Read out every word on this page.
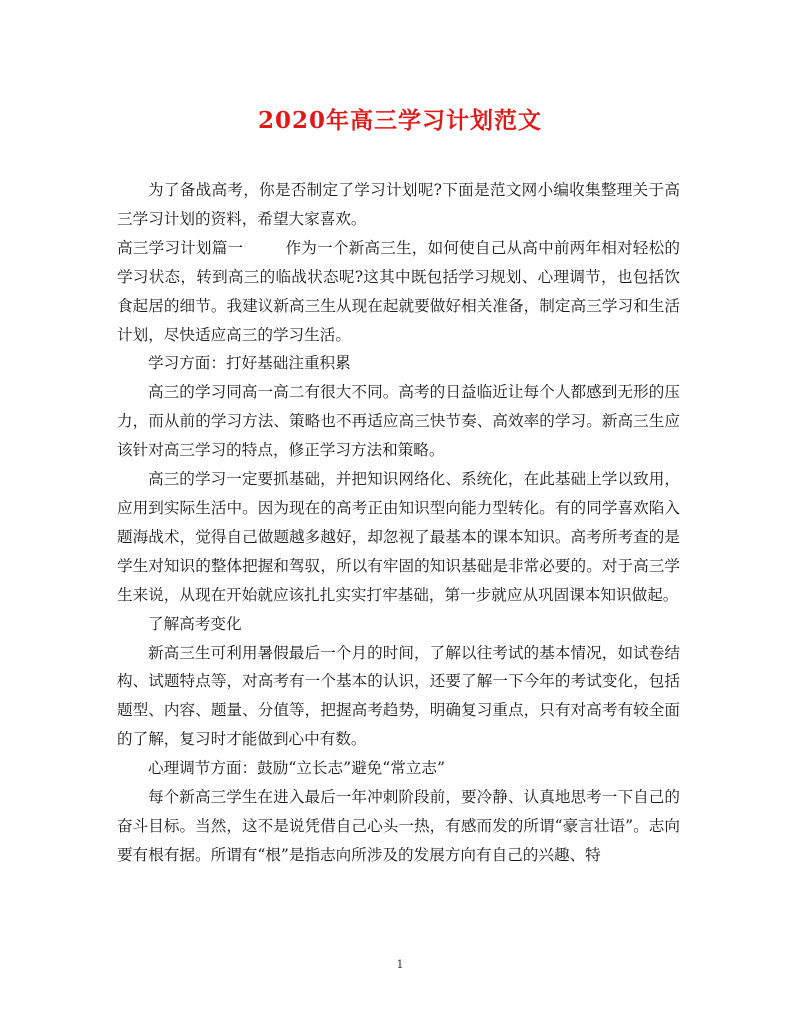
2020年高三学习计划范文

为了备战高考，你是否制定了学习计划呢?下面是范文网小编收集整理关于高三学习计划的资料，希望大家喜欢。

高三学习计划篇一	作为一个新高三生，如何使自己从高中前两年相对轻松的学习状态，转到高三的临战状态呢?这其中既包括学习规划、心理调节，也包括饮食起居的细节。我建议新高三生从现在起就要做好相关准备，制定高三学习和生活计划，尽快适应高三的学习生活。

学习方面：打好基础注重积累

高三的学习同高一高二有很大不同。高考的日益临近让每个人都感到无形的压力，而从前的学习方法、策略也不再适应高三快节奏、高效率的学习。新高三生应该针对高三学习的特点，修正学习方法和策略。

高三的学习一定要抓基础，并把知识网络化、系统化，在此基础上学以致用，应用到实际生活中。因为现在的高考正由知识型向能力型转化。有的同学喜欢陷入题海战术，觉得自己做题越多越好，却忽视了最基本的课本知识。高考所考查的是学生对知识的整体把握和驾驭，所以有牢固的知识基础是非常必要的。对于高三学生来说，从现在开始就应该扎扎实实打牢基础，第一步就应从巩固课本知识做起。

了解高考变化

新高三生可利用暑假最后一个月的时间，了解以往考试的基本情况，如试卷结构、试题特点等，对高考有一个基本的认识，还要了解一下今年的考试变化，包括题型、内容、题量、分值等，把握高考趋势，明确复习重点，只有对高考有较全面的了解，复习时才能做到心中有数。

心理调节方面：鼓励“立长志”避免“常立志”

每个新高三学生在进入最后一年冲刺阶段前，要冷静、认真地思考一下自己的奋斗目标。当然，这不是说凭借自己心头一热，有感而发的所谓“豪言壮语”。志向要有根有据。所谓有“根”是指志向所涉及的发展方向有自己的兴趣、特

1
